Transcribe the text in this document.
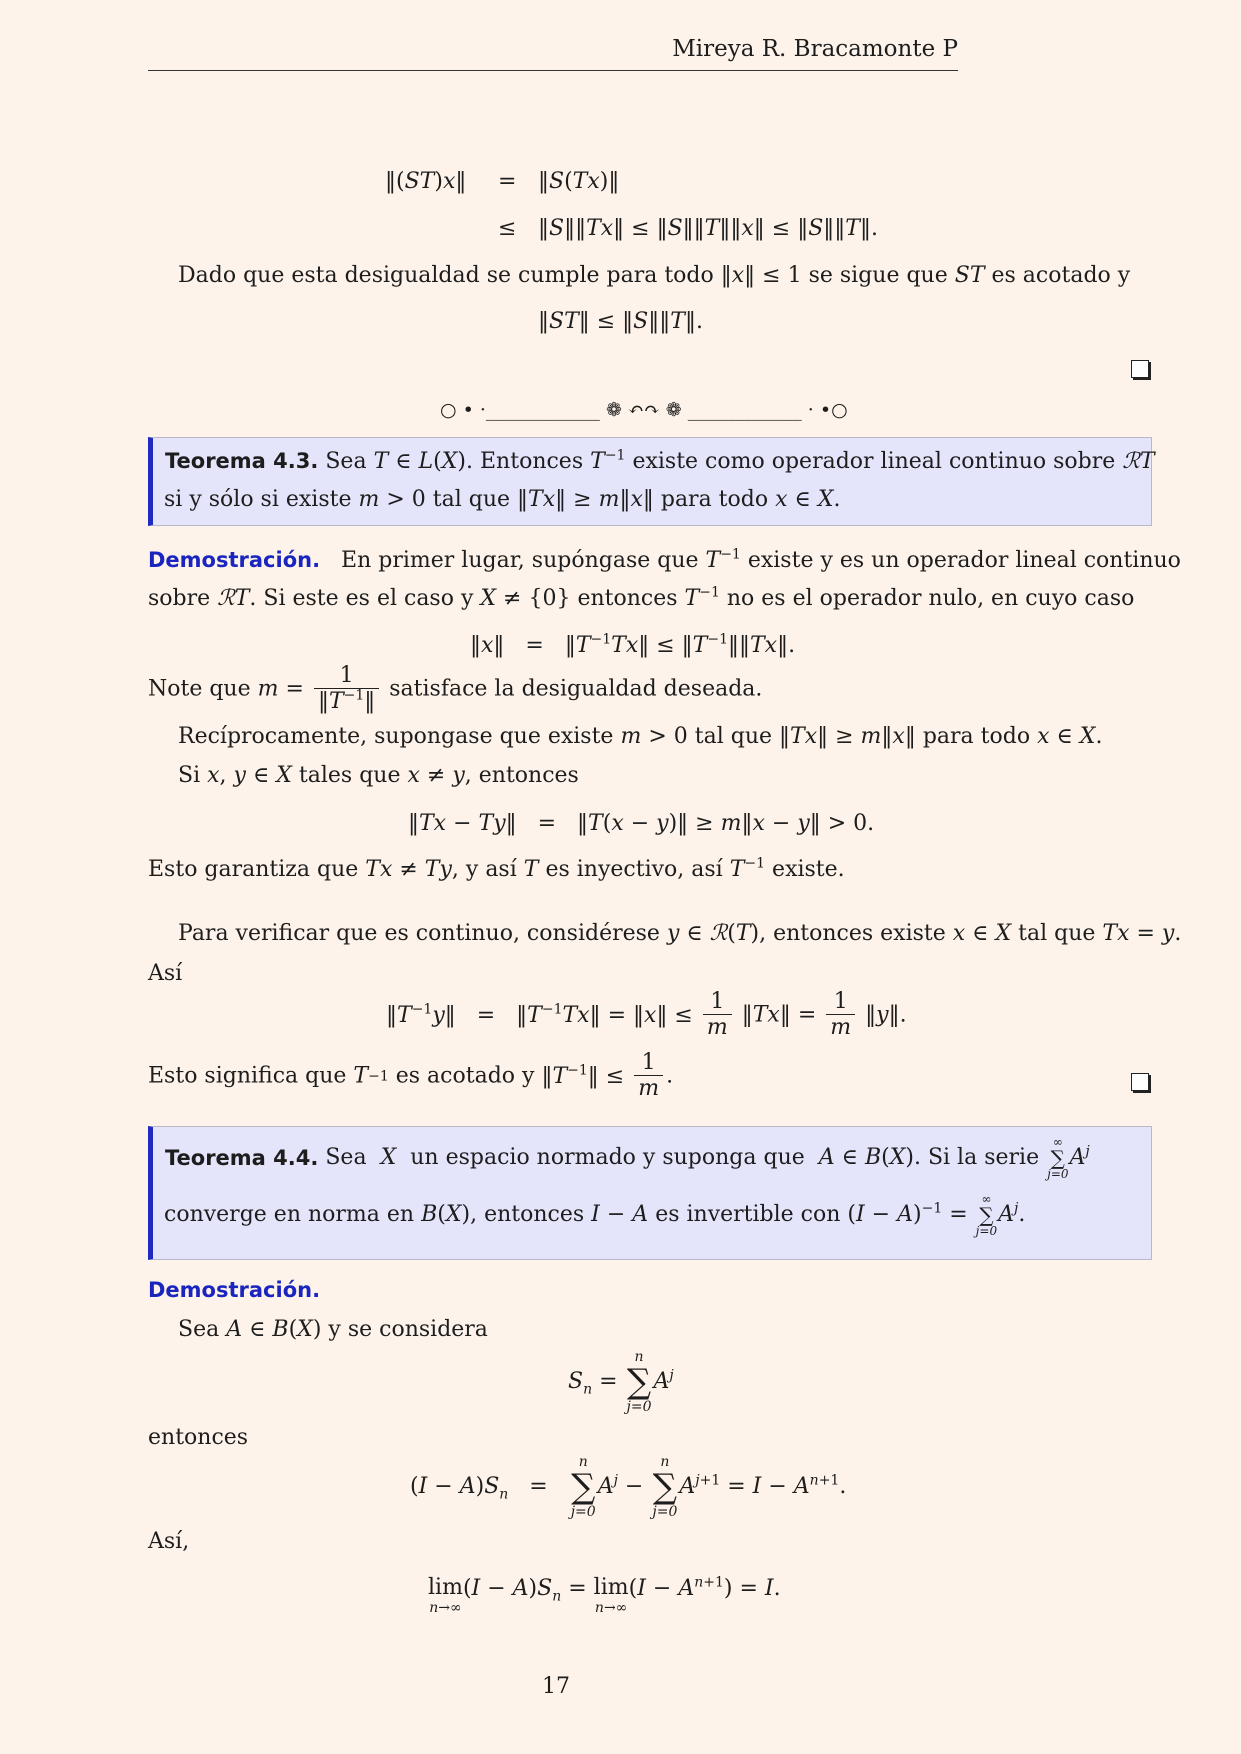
Mireya R. Bracamonte P
‖(ST)x‖ = ‖S(Tx)‖
≤ ‖S‖‖Tx‖ ≤ ‖S‖‖T‖‖x‖ ≤ ‖S‖‖T‖.
Dado que esta desigualdad se cumple para todo ‖x‖ ≤ 1 se sigue que ST es acotado y
‖ST‖ ≤ ‖S‖‖T‖.
○ • ·____________ ❁ ↶↷ ❁ ____________ · •○
Teorema 4.3. Sea T ∈ L(X). Entonces $T^{-1}$ existe como operador lineal continuo sobre ℛT
si y sólo si existe m > 0 tal que ‖Tx‖ ≥ m‖x‖ para todo x ∈ X.
Demostración. En primer lugar, supóngase que $T^{-1}$ existe y es un operador lineal continuo
sobre ℛT. Si este es el caso y X ≠ {0} entonces $T^{-1}$ no es el operador nulo, en cuyo caso
‖x‖   =   $‖T^{-1}Tx‖$ ≤ $‖T^{-1}‖‖Tx‖$.
Note que $m = \frac{1}{‖T^{-1}‖}$ satisface la desigualdad deseada.
Recíprocamente, supongase que existe m > 0 tal que ‖Tx‖ ≥ m‖x‖ para todo x ∈ X.
Si x, y ∈ X tales que x ≠ y, entonces
‖Tx − Ty‖   =   ‖T(x − y)‖ ≥ m‖x − y‖ > 0.
Esto garantiza que Tx ≠ Ty, y así T es inyectivo, así $T^{-1}$ existe.
Para verificar que es continuo, considérese y ∈ ℛ(T), entonces existe x ∈ X tal que Tx = y.
Así
$‖T^{-1}y‖$   =   $‖T^{-1}Tx‖$ = ‖x‖ ≤ $\frac{1}{m}$ ‖Tx‖ = $\frac{1}{m}$ ‖y‖.
Esto significa que T−1 es acotado y $‖T^{-1}‖ \le \frac{1}{m}$ .
Teorema 4.4. Sea X un espacio normado y suponga que A ∈ B(X). Si la serie
∞
∑
j=0
$A^j$
converge en norma en B(X), entonces I − A es invertible con $(I - A)^{-1}$ =
∞
∑
j=0
$A^j$.
Demostración.
Sea A ∈ B(X) y se considera
$S_n$ =
n
∑
j=0
$A^j$
entonces
$(I - A)S_n$   =
n
∑
j=0
$A^j$ −
n
∑
j=0
$A^{j+1} = I - A^{n+1}$.
Así,
lim
n→∞
$(I - A)S_n = \lim$
n→∞
$(I - A^{n+1}) = I$.
17
